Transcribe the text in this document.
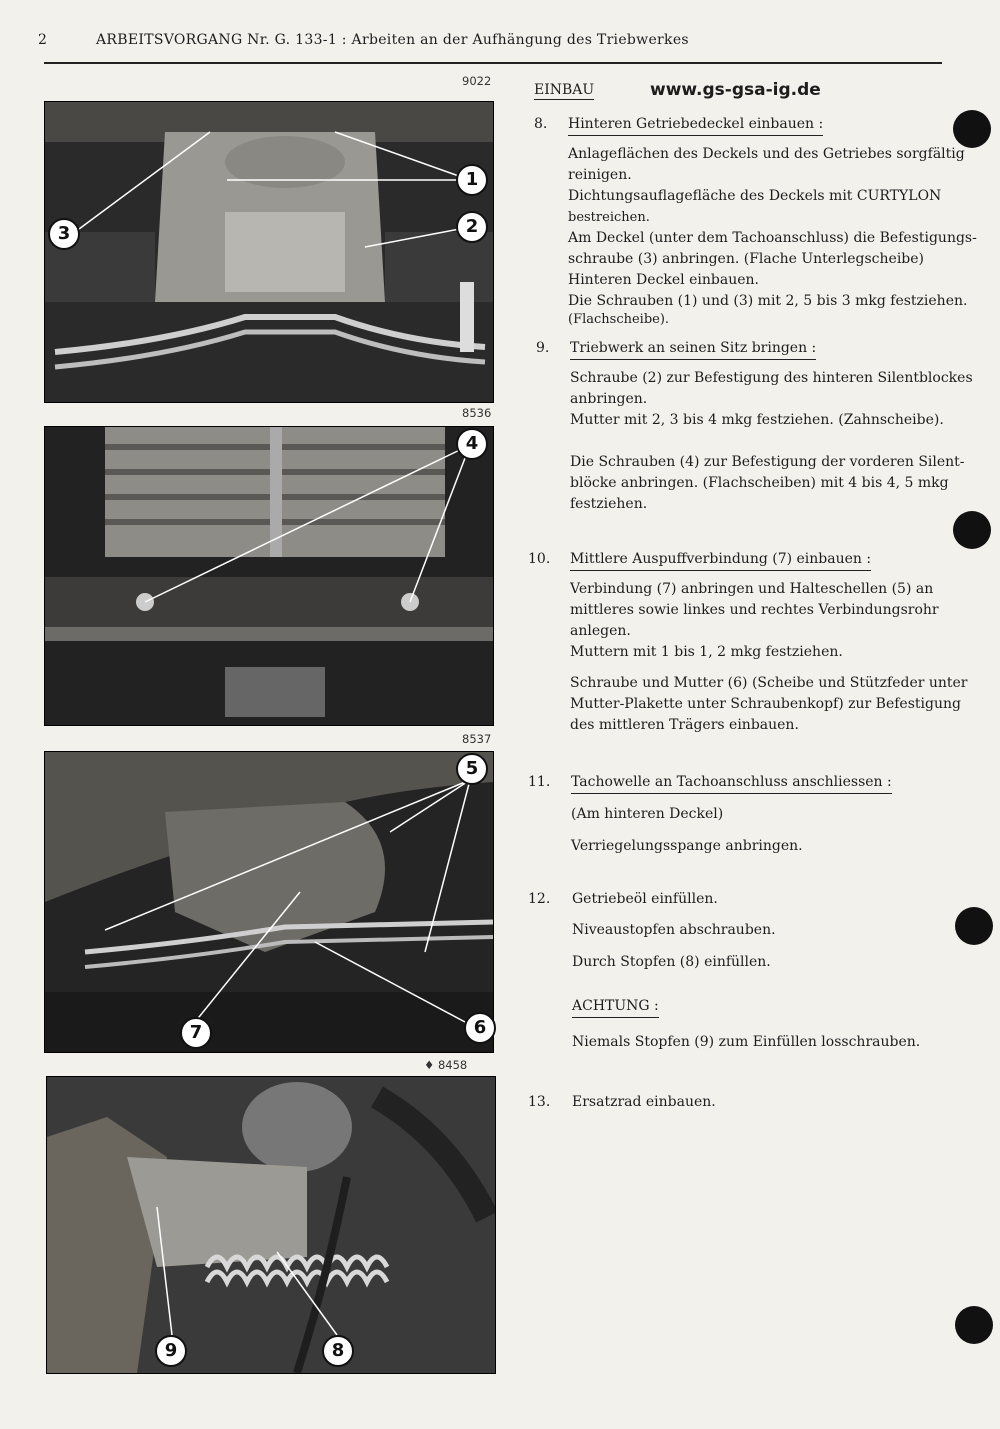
2	ARBEITSVORGANG Nr. G. 133-1 : Arbeiten an der Aufhängung des Triebwerkes
9022
1
2
3
8536
4
8537
5
6
7
♦ 8458
9	8
EINBAU	www.gs-gsa-ig.de
8. Hinteren Getriebedeckel einbauen :

Anlageflächen des Deckels und des Getriebes sorgfältig

reinigen.

Dichtungsauflagefläche des Deckels mit CURTYLON

bestreichen.

Am Deckel (unter dem Tachoanschluss) die Befestigungs-

schraube (3) anbringen. (Flache Unterlegscheibe)

Hinteren Deckel einbauen.

Die Schrauben (1) und (3) mit 2, 5 bis 3 mkg festziehen.

(Flachscheibe).

9. Triebwerk an seinen Sitz bringen :

Schraube (2) zur Befestigung des hinteren Silentblockes

anbringen.

Mutter mit 2, 3 bis 4 mkg festziehen. (Zahnscheibe).

Die Schrauben (4) zur Befestigung der vorderen Silent-

blöcke anbringen. (Flachscheiben) mit 4 bis 4, 5 mkg

festziehen.

10. Mittlere Auspuffverbindung (7) einbauen :

Verbindung (7) anbringen und Halteschellen (5) an

mittleres sowie linkes und rechtes Verbindungsrohr

anlegen.

Muttern mit 1 bis 1, 2 mkg festziehen.

Schraube und Mutter (6) (Scheibe und Stützfeder unter

Mutter-Plakette unter Schraubenkopf) zur Befestigung

des mittleren Trägers einbauen.

11. Tachowelle an Tachoanschluss anschliessen :

(Am hinteren Deckel)

Verriegelungsspange anbringen.

12. Getriebeöl einfüllen.

Niveaustopfen abschrauben.

Durch Stopfen (8) einfüllen.

ACHTUNG :

Niemals Stopfen (9) zum Einfüllen losschrauben.

13. Ersatzrad einbauen.
